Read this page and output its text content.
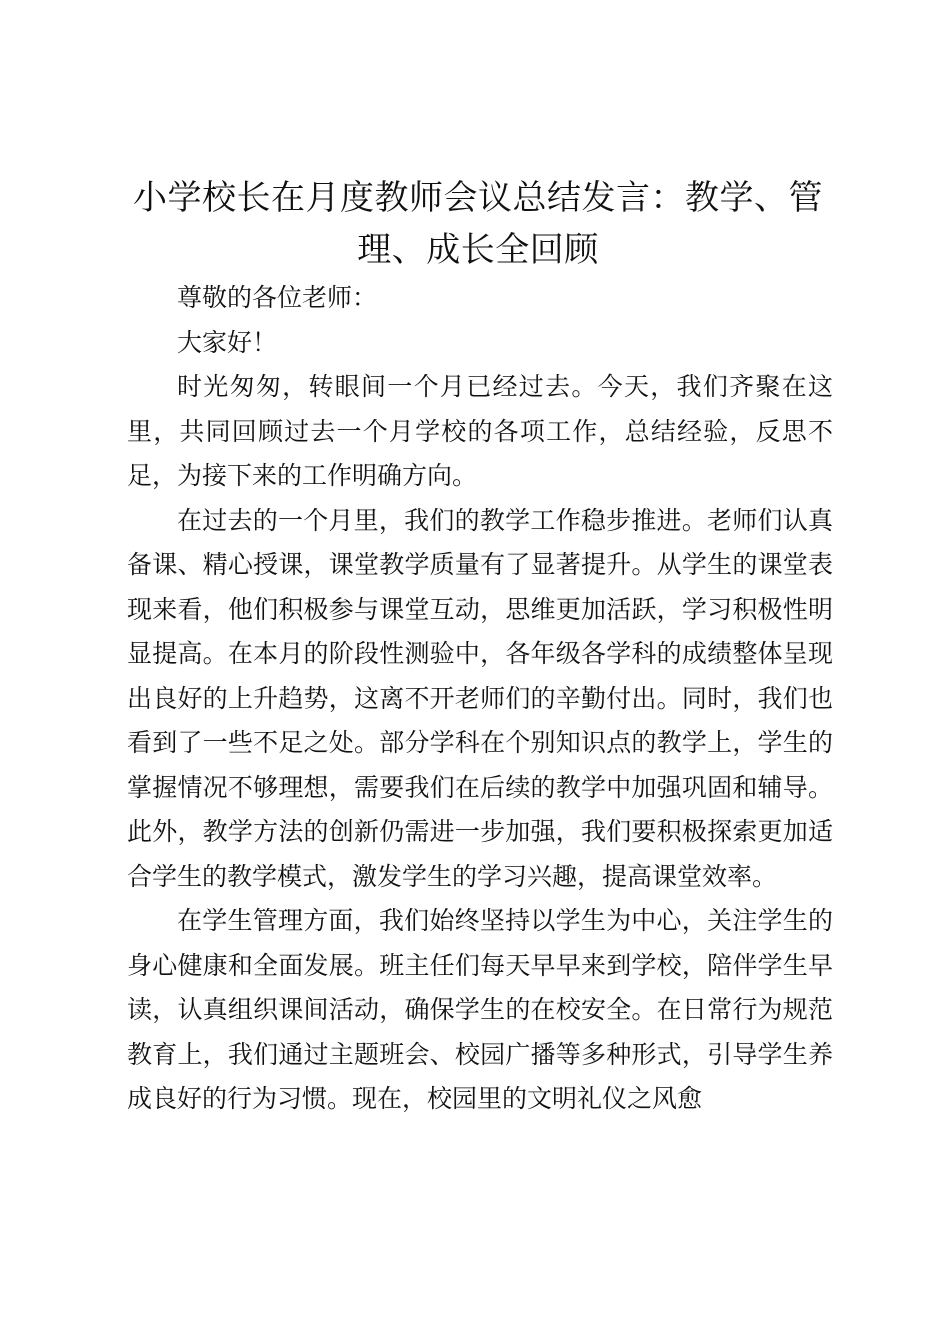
小学校长在月度教师会议总结发言：教学、管理、成长全回顾

尊敬的各位老师：

大家好！

时光匆匆，转眼间一个月已经过去。今天，我们齐聚在这里，共同回顾过去一个月学校的各项工作，总结经验，反思不足，为接下来的工作明确方向。

在过去的一个月里，我们的教学工作稳步推进。老师们认真备课、精心授课，课堂教学质量有了显著提升。从学生的课堂表现来看，他们积极参与课堂互动，思维更加活跃，学习积极性明显提高。在本月的阶段性测验中，各年级各学科的成绩整体呈现出良好的上升趋势，这离不开老师们的辛勤付出。同时，我们也看到了一些不足之处。部分学科在个别知识点的教学上，学生的掌握情况不够理想，需要我们在后续的教学中加强巩固和辅导。此外，教学方法的创新仍需进一步加强，我们要积极探索更加适合学生的教学模式，激发学生的学习兴趣，提高课堂效率。

在学生管理方面，我们始终坚持以学生为中心，关注学生的身心健康和全面发展。班主任们每天早早来到学校，陪伴学生早读，认真组织课间活动，确保学生的在校安全。在日常行为规范教育上，我们通过主题班会、校园广播等多种形式，引导学生养成良好的行为习惯。现在，校园里的文明礼仪之风愈
